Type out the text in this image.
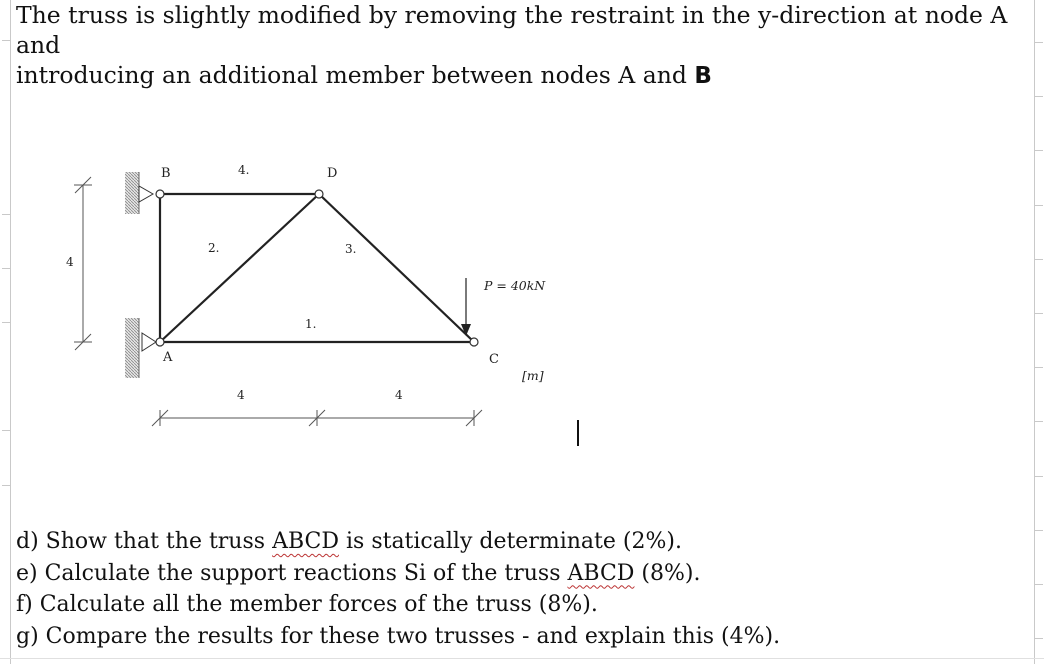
The truss is slightly modified by removing the restraint in the y-direction at node A and
introducing an additional member between nodes A and B
4
B	D
A	C
4.
2.	3.
1.
P = 40kN
[m]
4	4
d) Show that the truss ABCD is statically determinate (2%).
e) Calculate the support reactions Si of the truss ABCD (8%).
f) Calculate all the member forces of the truss (8%).
g) Compare the results for these two trusses - and explain this (4%).
